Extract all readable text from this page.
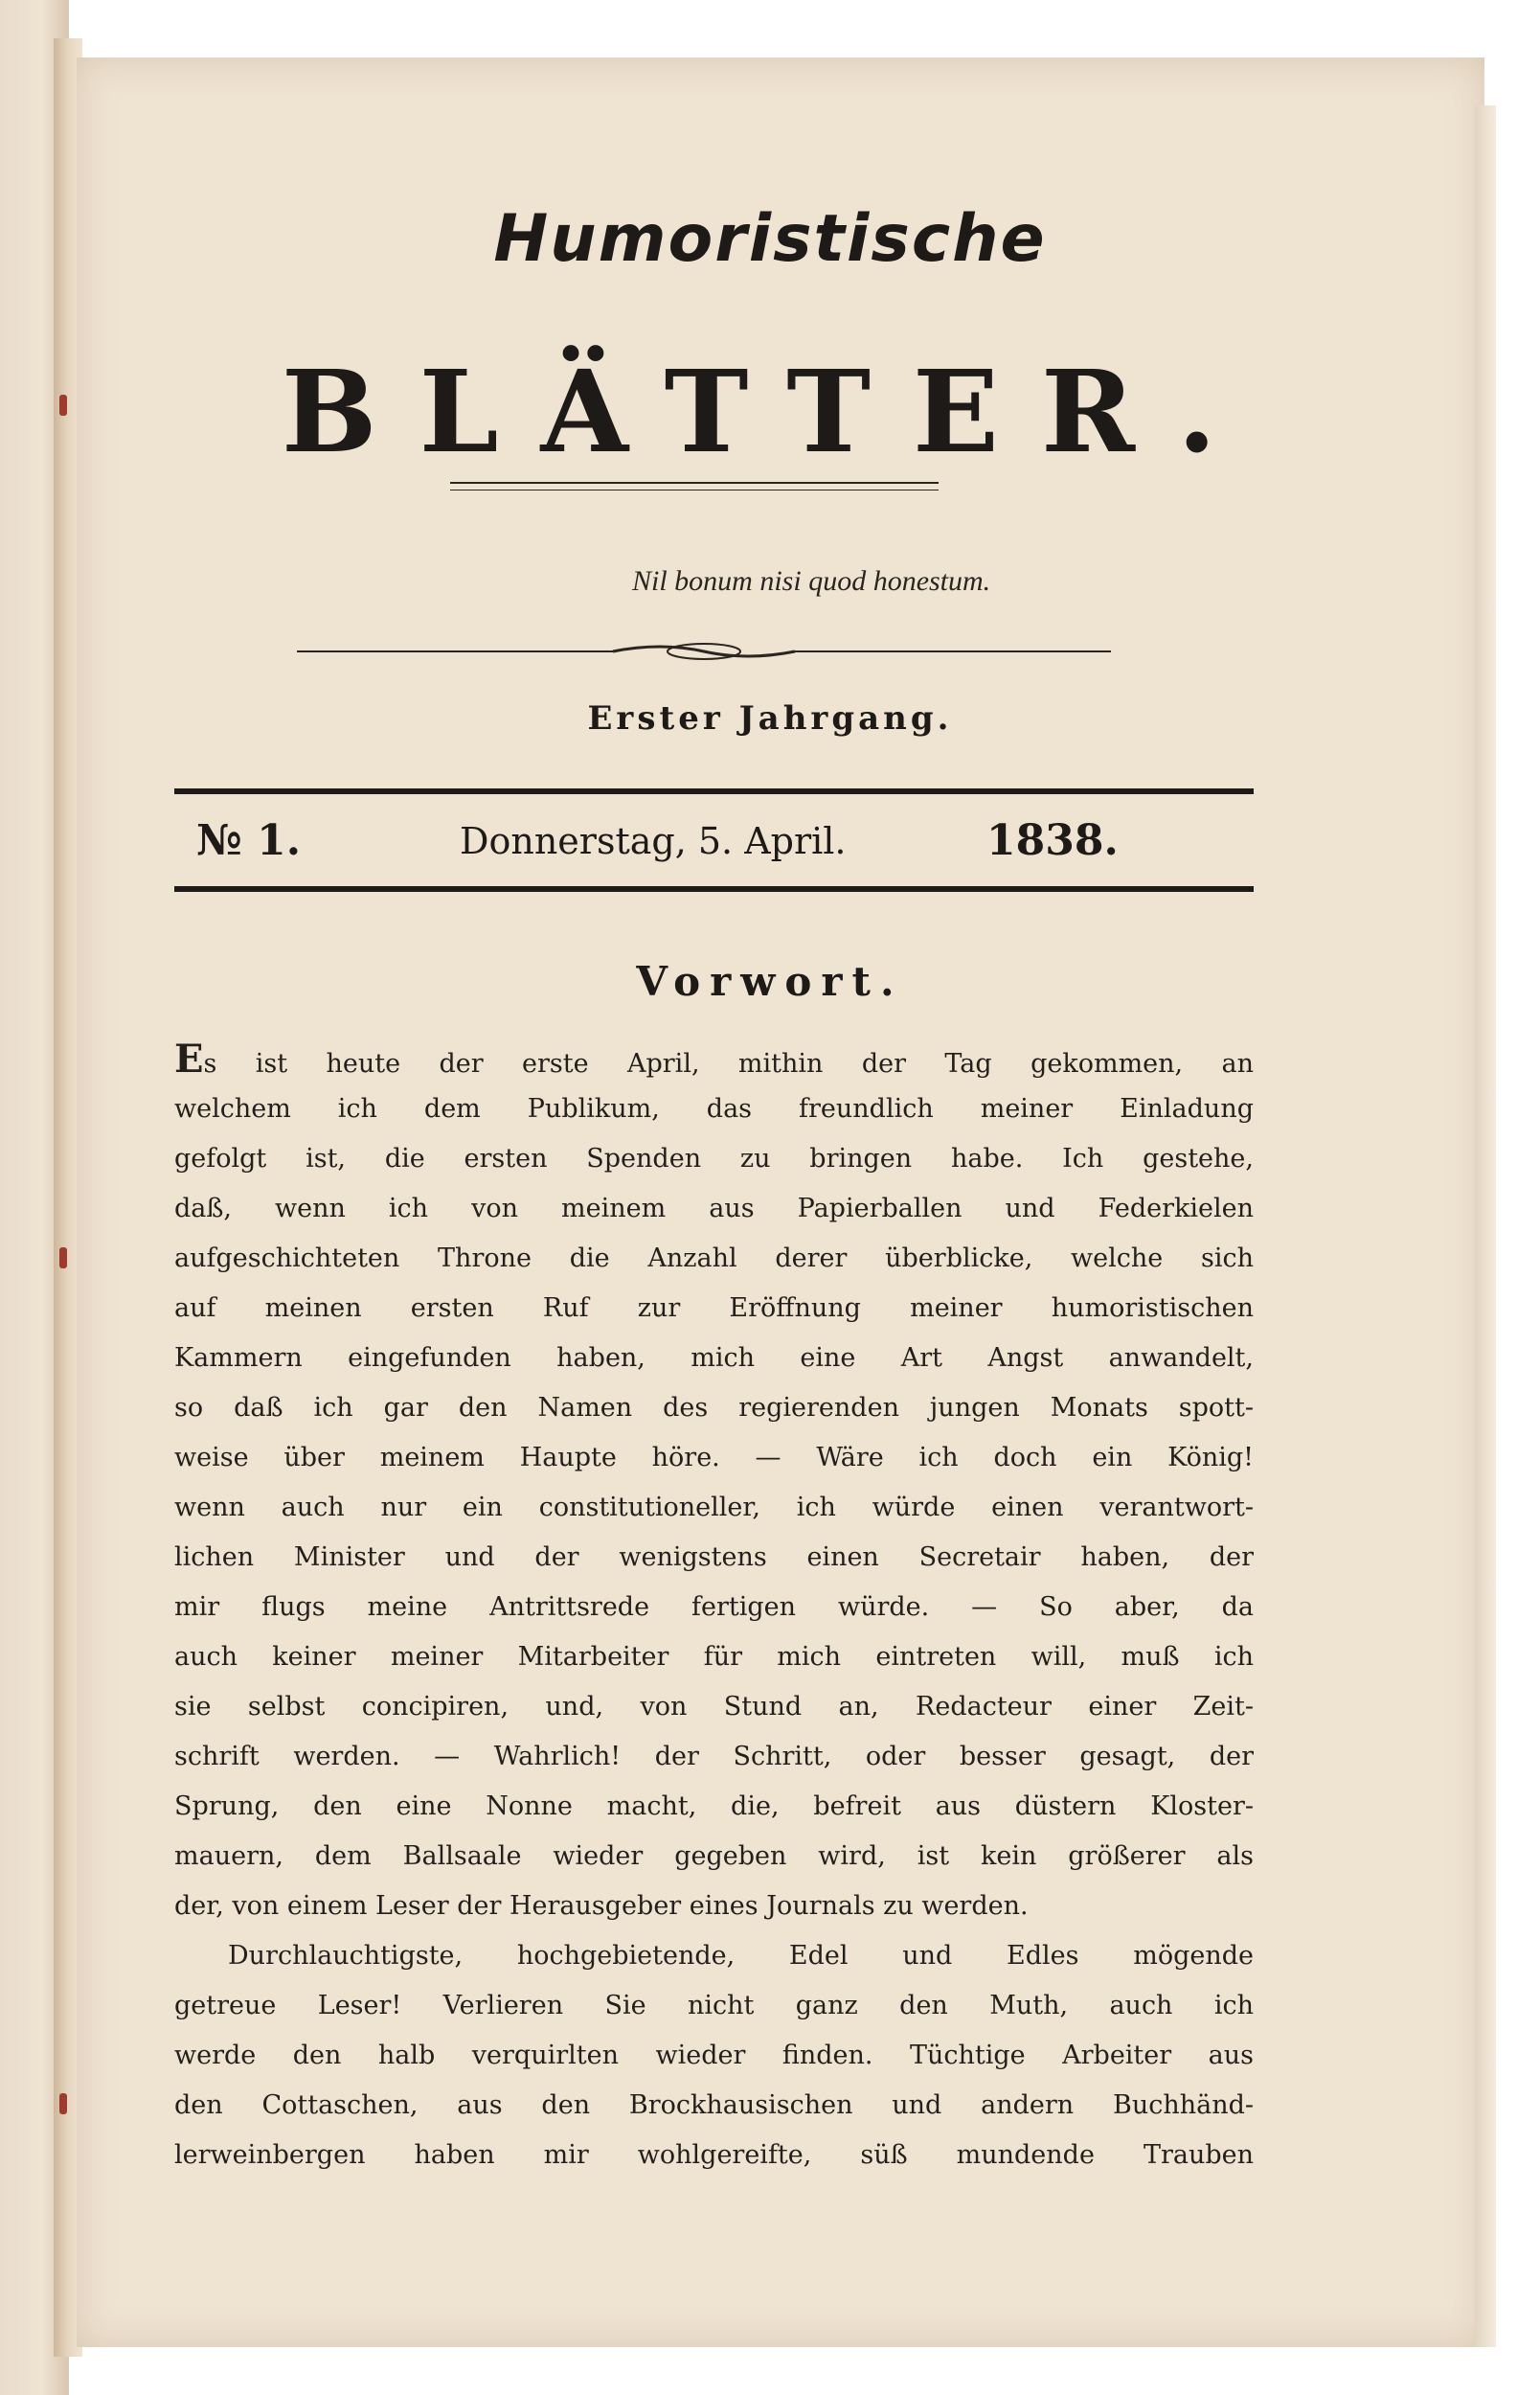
Humoristische
BLÄTTER.
Nil bonum nisi quod honestum.
Erster Jahrgang.
№ 1.	Donnerstag, 5. April.	1838.
Vorwort.
Es ist heute der erste April, mithin der Tag gekommen, an
welchem ich dem Publikum, das freundlich meiner Einladung
gefolgt ist, die ersten Spenden zu bringen habe. Ich gestehe,
daß, wenn ich von meinem aus Papierballen und Federkielen
aufgeschichteten Throne die Anzahl derer überblicke, welche sich
auf meinen ersten Ruf zur Eröffnung meiner humoristischen
Kammern eingefunden haben, mich eine Art Angst anwandelt,
so daß ich gar den Namen des regierenden jungen Monats spott-
weise über meinem Haupte höre. — Wäre ich doch ein König!
wenn auch nur ein constitutioneller, ich würde einen verantwort-
lichen Minister und der wenigstens einen Secretair haben, der
mir flugs meine Antrittsrede fertigen würde. — So aber, da
auch keiner meiner Mitarbeiter für mich eintreten will, muß ich
sie selbst concipiren, und, von Stund an, Redacteur einer Zeit-
schrift werden. — Wahrlich! der Schritt, oder besser gesagt, der
Sprung, den eine Nonne macht, die, befreit aus düstern Kloster-
mauern, dem Ballsaale wieder gegeben wird, ist kein größerer als
der, von einem Leser der Herausgeber eines Journals zu werden.
Durchlauchtigste, hochgebietende, Edel und Edles mögende
getreue Leser! Verlieren Sie nicht ganz den Muth, auch ich
werde den halb verquirlten wieder finden. Tüchtige Arbeiter aus
den Cottaschen, aus den Brockhausischen und andern Buchhänd-
lerweinbergen haben mir wohlgereifte, süß mundende Trauben
